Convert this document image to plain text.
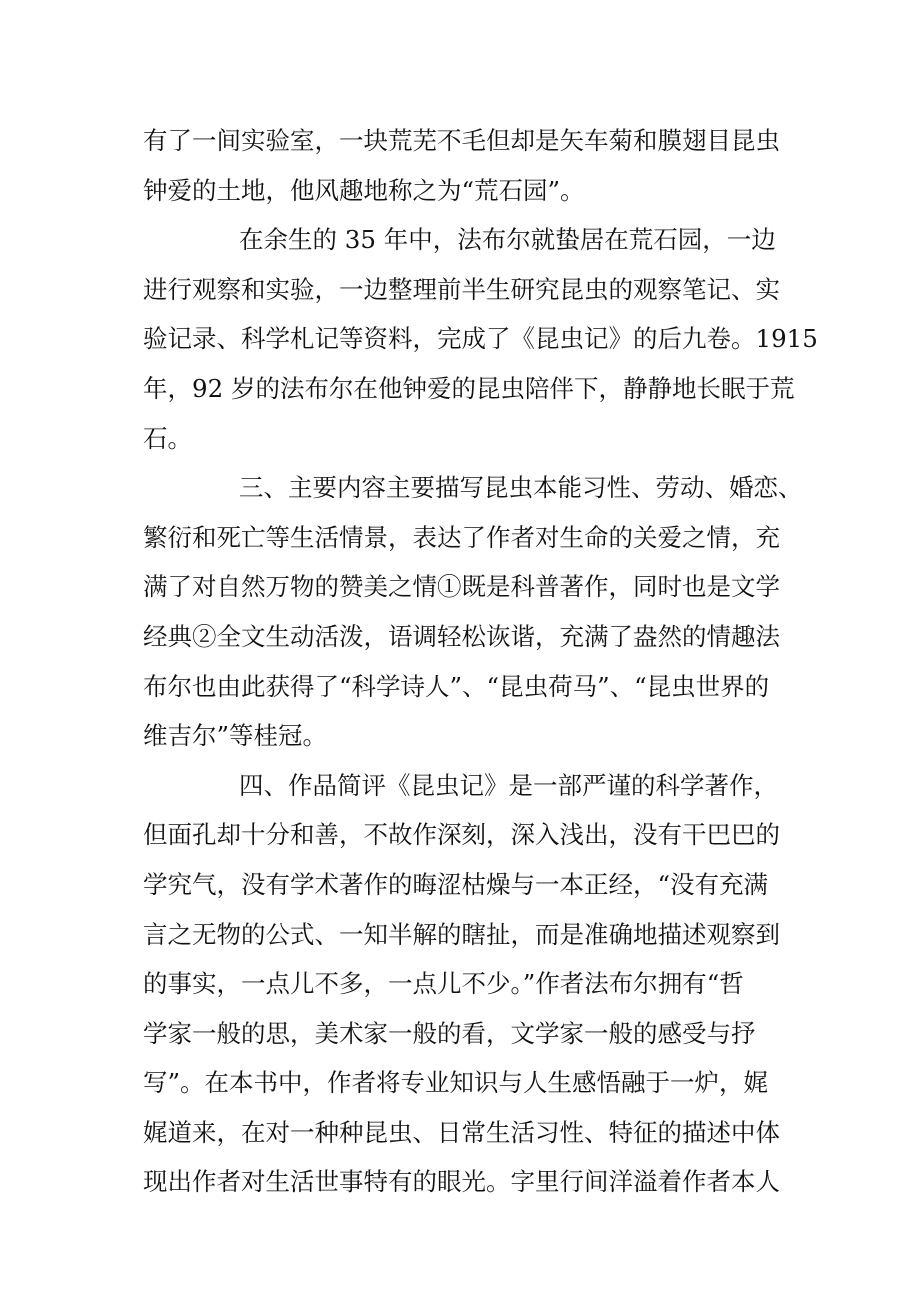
有了一间实验室，一块荒芜不毛但却是矢车菊和膜翅目昆虫
钟爱的土地，他风趣地称之为“荒石园”。
在余生的 35 年中，法布尔就蛰居在荒石园，一边
进行观察和实验，一边整理前半生研究昆虫的观察笔记、实
验记录、科学札记等资料，完成了《昆虫记》的后九卷。1915
年，92 岁的法布尔在他钟爱的昆虫陪伴下，静静地长眠于荒
石。
三、主要内容主要描写昆虫本能习性、劳动、婚恋、
繁衍和死亡等生活情景，表达了作者对生命的关爱之情，充
满了对自然万物的赞美之情①既是科普著作，同时也是文学
经典②全文生动活泼，语调轻松诙谐，充满了盎然的情趣法
布尔也由此获得了“科学诗人”、“昆虫荷马”、“昆虫世界的
维吉尔”等桂冠。
四、作品简评《昆虫记》是一部严谨的科学著作，
但面孔却十分和善，不故作深刻，深入浅出，没有干巴巴的
学究气，没有学术著作的晦涩枯燥与一本正经，“没有充满
言之无物的公式、一知半解的瞎扯，而是准确地描述观察到
的事实，一点儿不多，一点儿不少。”作者法布尔拥有“哲
学家一般的思，美术家一般的看，文学家一般的感受与抒
写”。在本书中，作者将专业知识与人生感悟融于一炉，娓
娓道来，在对一种种昆虫、日常生活习性、特征的描述中体
现出作者对生活世事特有的眼光。字里行间洋溢着作者本人
